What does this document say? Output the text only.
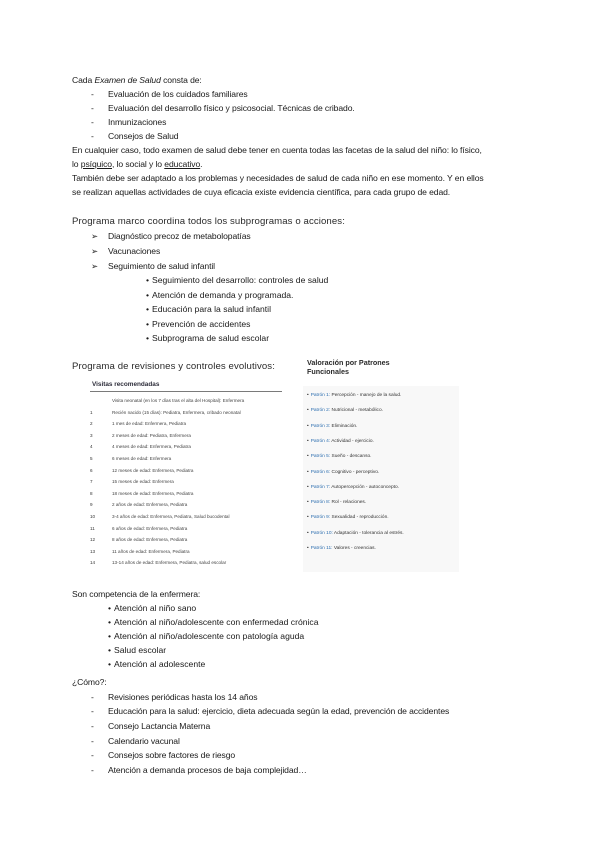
Cada Examen de Salud consta de:
- Evaluación de los cuidados familiares
- Evaluación del desarrollo físico y psicosocial. Técnicas de cribado.
- Inmunizaciones
- Consejos de Salud
En cualquier caso, todo examen de salud debe tener en cuenta todas las facetas de la salud del niño: lo físico,
lo psíquico, lo social y lo educativo.
También debe ser adaptado a los problemas y necesidades de salud de cada niño en ese momento. Y en ellos
se realizan aquellas actividades de cuya eficacia existe evidencia científica, para cada grupo de edad.
Programa marco coordina todos los subprogramas o acciones:
➢ Diagnóstico precoz de metabolopatías
➢ Vacunaciones
➢ Seguimiento de salud infantil
• Seguimiento del desarrollo: controles de salud
• Atención de demanda y programada.
• Educación para la salud infantil
• Prevención de accidentes
• Subprograma de salud escolar
Programa de revisiones y controles evolutivos:
Visitas recomendadas
Visita neonatal (en los 7 días tras el alta del Hospital): Enfermera
1	Recién nacido (15 días): Pediatra, Enfermera, cribado neonatal
2	1 mes de edad: Enfermera, Pediatra
3	2 meses de edad: Pediatra, Enfermera
4	4 meses de edad: Enfermera, Pediatra
5	6 meses de edad: Enfermera
6	12 meses de edad: Enfermera, Pediatra
7	15 meses de edad: Enfermera
8	18 meses de edad: Enfermera, Pediatra
9	2 años de edad: Enfermera, Pediatra
10	3-4 años de edad: Enfermera, Pediatra, Salud bucodental
11	6 años de edad: Enfermera, Pediatra
12	8 años de edad: Enfermera, Pediatra
13	11 años de edad: Enfermera, Pediatra
14	13-14 años de edad: Enfermera, Pediatra, salud escolar
Valoración por Patrones Funcionales
• Patrón 1: Percepción - manejo de la salud.
• Patrón 2: Nutricional - metabólico.
• Patrón 3: Eliminación.
• Patrón 4: Actividad - ejercicio.
• Patrón 5: Sueño - descanso.
• Patrón 6: Cognitivo - perceptivo.
• Patrón 7: Autopercepción - autoconcepto.
• Patrón 8: Rol - relaciones.
• Patrón 9: Sexualidad - reproducción.
• Patrón 10: Adaptación - tolerancia al estrés.
• Patrón 11: Valores - creencias.
Son competencia de la enfermera:
• Atención al niño sano
• Atención al niño/adolescente con enfermedad crónica
• Atención al niño/adolescente con patología aguda
• Salud escolar
• Atención al adolescente
¿Cómo?:
- Revisiones periódicas hasta los 14 años
- Educación para la salud: ejercicio, dieta adecuada según la edad, prevención de accidentes
- Consejo Lactancia Materna
- Calendario vacunal
- Consejos sobre factores de riesgo
- Atención a demanda procesos de baja complejidad…
